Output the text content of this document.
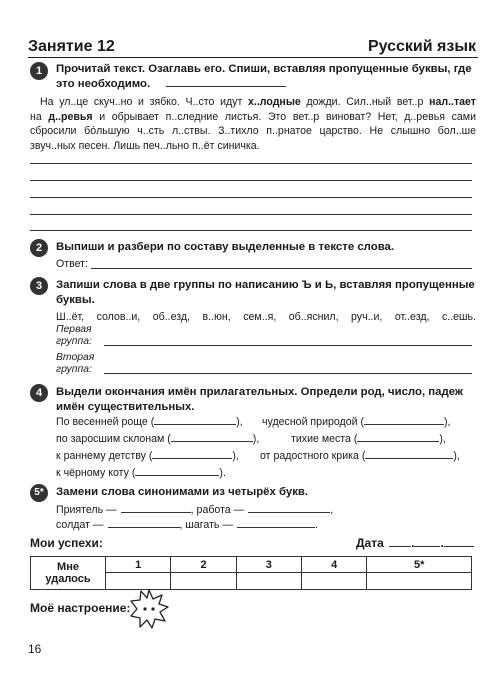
Занятие 12	Русский язык
1	Прочитай текст. Озаглавь его. Спиши, вставляя пропущенные буквы, где
это необходимо.
На ул..це скуч..но и зябко. Ч..сто идут х..лодные дожди. Сил..ный вет..р нал..тает
на д..ревья и обрывает п..следние листья. Это вет..р виноват? Нет, д..ревья сами
сбросили бо́льшую ч..сть л..ствы. З..тихло п..рнатое царство. Не слышно бол..ше
звуч..ных песен. Лишь печ..льно п..ёт синичка.
2	Выпиши и разбери по составу выделенные в тексте слова.
Ответ:
3	Запиши слова в две группы по написанию Ъ и Ь, вставляя пропущенные
буквы.
Ш..ёт, солов..и, об..езд, в..юн, сем..я, об..яснил, руч..и, от..езд, с..ешь.
Первая
группа:
Вторая
группа:
4	Выдели окончания имён прилагательных. Определи род, число, падеж
имён существительных.
По весенней роще (	), чудесной природой (	),
по заросшим склонам (	),	тихие места (	),
к раннему детству (	), от радостного крика (	),
к чёрному коту (	).
5*	Замени слова синонимами из четырёх букв.
Приятель —	, работа —	,
солдат —	, шагать —	.
Мои успехи:	Дата . .
Мне
удалось	1	2	3	4	5*

Моё настроение:
16
